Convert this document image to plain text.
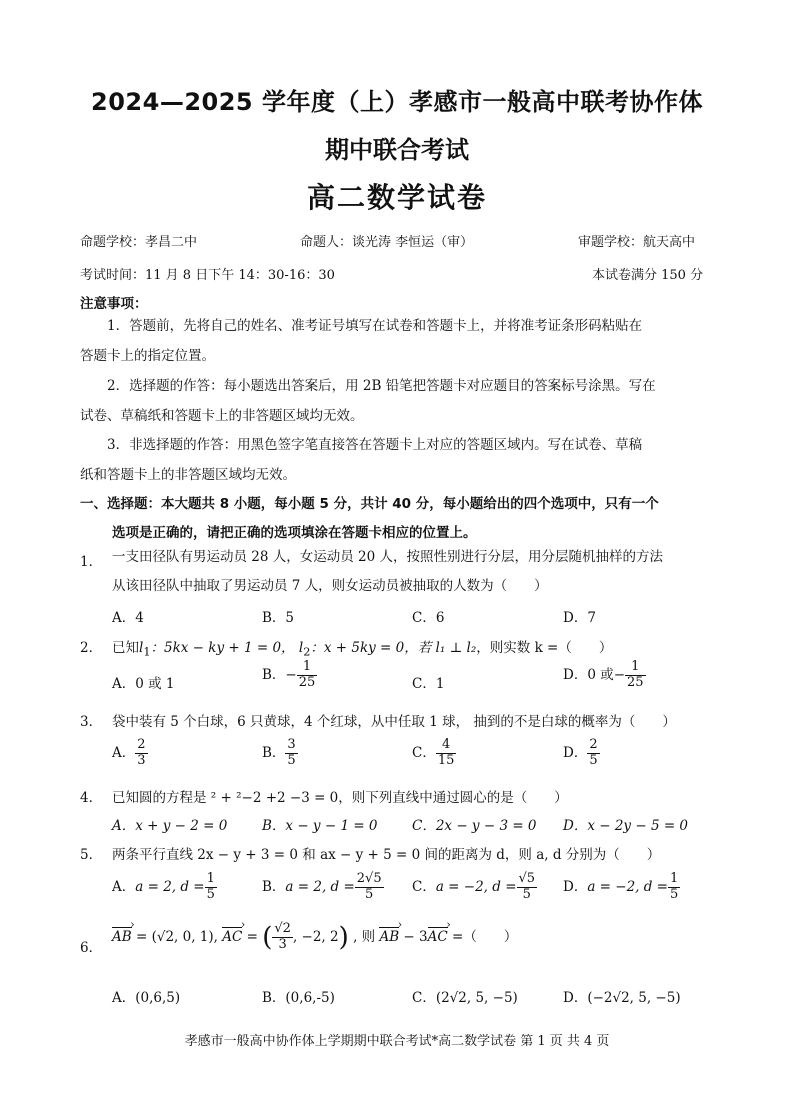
2024—2025 学年度（上）孝感市一般高中联考协作体
期中联合考试
高二数学试卷
命题学校：孝昌二中	命题人：谈光涛 李恒运（审）	审题学校：航天高中
考试时间：11 月 8 日下午 14：30-16：30	本试卷满分 150 分
注意事项：
1．答题前，先将自己的姓名、准考证号填写在试卷和答题卡上，并将准考证条形码粘贴在
答题卡上的指定位置。
2．选择题的作答：每小题选出答案后，用 2B 铅笔把答题卡对应题目的答案标号涂黑。写在
试卷、草稿纸和答题卡上的非答题区域均无效。
3．非选择题的作答：用黑色签字笔直接答在答题卡上对应的答题区域内。写在试卷、草稿
纸和答题卡上的非答题区域均无效。
一、选择题：本大题共 8 小题，每小题 5 分，共计 40 分，每小题给出的四个选项中，只有一个
选项是正确的，请把正确的选项填涂在答题卡相应的位置上。
1． 一支田径队有男运动员 28 人，女运动员 20 人，按照性别进行分层，用分层随机抽样的方法
从该田径队中抽取了男运动员 7 人，则女运动员被抽取的人数为（　　）
A．4	B．5	C．6	D．7
2． 已知$l_1$：5kx − ky + 1 = 0， $l_2$：x + 5ky = 0，若 l₁ ⊥ l₂，则实数 k =（　　）
A．0 或 1
B．− $\frac{1}{25}$	C．1
D．0 或− $\frac{1}{25}$
3． 袋中装有 5 个白球，6 只黄球，4 个红球，从中任取 1 球， 抽到的不是白球的概率为（　　）
A． $\frac{2}{3}$	B． $\frac{3}{5}$	C． $\frac{4}{15}$	D． $\frac{2}{5}$
4． 已知圆的方程是 ² + ²−2 +2 −3 = 0，则下列直线中通过圆心的是（　　）
A．x + y − 2 = 0	B．x − y − 1 = 0	C．2x − y − 3 = 0 D．x − 2y − 5 = 0
5． 两条平行直线 2x − y + 3 = 0 和 ax − y + 5 = 0 间的距离为 d，则 a, d 分别为（　　）
A．a = 2, $d = \frac{1}{5}$	B．a = 2, $d = \frac{2√5}{5}$ C．a = −2, $d = \frac{√5}{5}$ D．a = −2, $d = \frac{1}{5}$
6．
AB › = (√2, 0, 1), AC › = ( $\frac{√2}{3}$ , −2, 2) , 则 AB › − 3AC › =（　　）
A．(0,6,5)	B．(0,6,-5)	C．(2√2, 5, −5)	D．(−2√2, 5, −5)
孝感市一般高中协作体上学期期中联合考试*高二数学试卷 第 1 页 共 4 页
